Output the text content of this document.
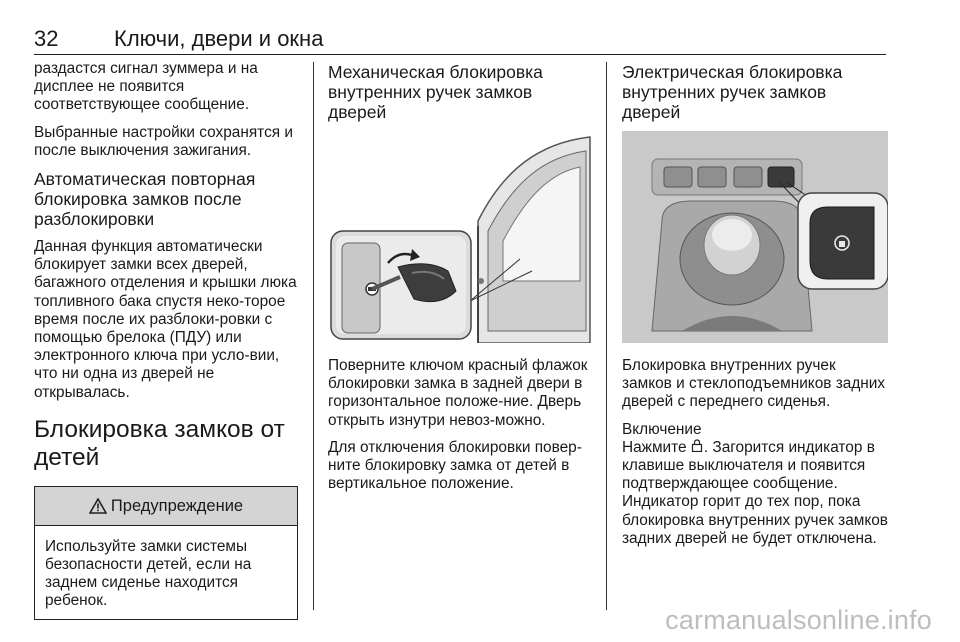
32	Ключи, двери и окна

раздастся сигнал зуммера и на дисплее не появится соответствующее сообщение.

Выбранные настройки сохранятся и после выключения зажигания.

Автоматическая повторная блокировка замков после разблокировки

Данная функция автоматически блокирует замки всех дверей, багажного отделения и крышки люка топливного бака спустя неко-торое время после их разблоки-ровки с помощью брелока (ПДУ) или электронного ключа при усло-вии, что ни одна из дверей не открывалась.

Блокировка замков от детей
Предупреждение
Используйте замки системы безопасности детей, если на заднем сиденье находится ребенок.
Механическая блокировка внутренних ручек замков дверей

Поверните ключом красный флажок блокировки замка в задней двери в горизонтальное положе-ние. Дверь открыть изнутри невоз-можно.

Для отключения блокировки повер-ните блокировку замка от детей в вертикальное положение.

Электрическая блокировка внутренних ручек замков дверей

Блокировка внутренних ручек замков и стеклоподъемников задних дверей с переднего сиденья.

Включение

Нажмите . Загорится индикатор в клавише выключателя и появится подтверждающее сообщение. Индикатор горит до тех пор, пока блокировка внутренних ручек замков задних дверей не будет отключена.

carmanualsonline.info
